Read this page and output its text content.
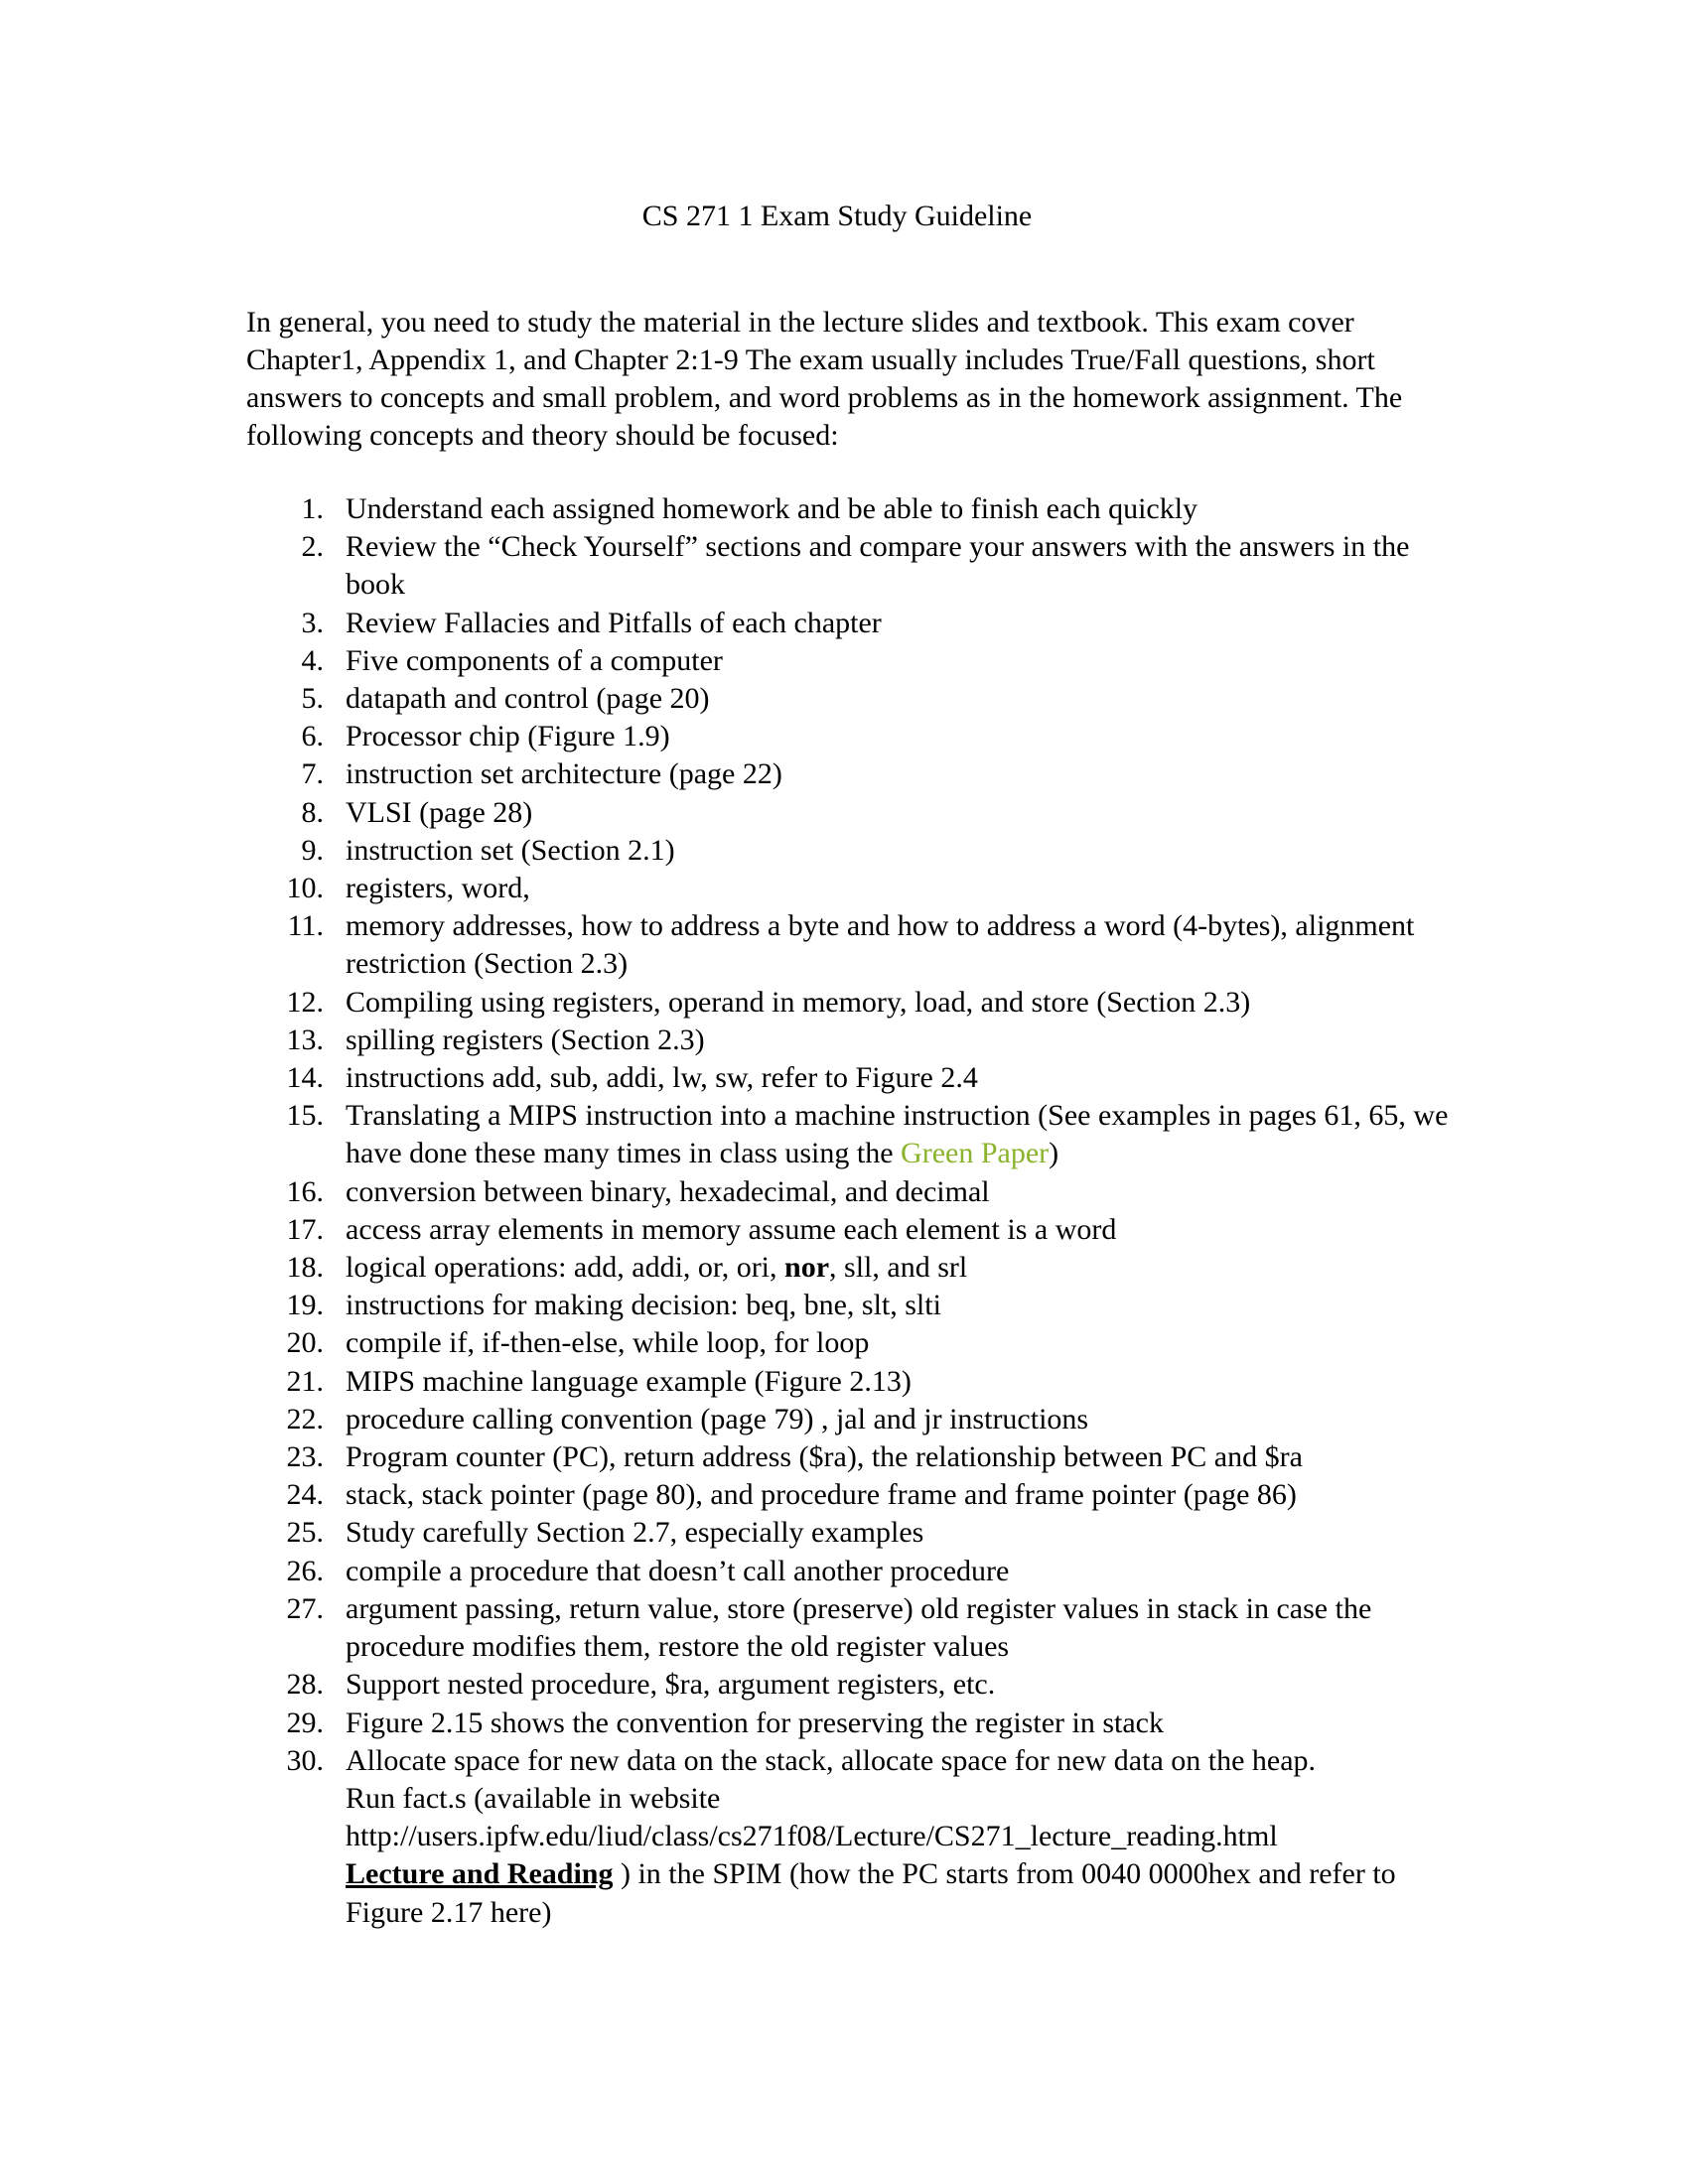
CS 271 1 Exam Study Guideline
In general, you need to study the material in the lecture slides and textbook. This exam cover Chapter1, Appendix 1, and Chapter 2:1-9 The exam usually includes True/Fall questions, short answers to concepts and small problem, and word problems as in the homework assignment. The following concepts and theory should be focused:
1. Understand each assigned homework and be able to finish each quickly
2. Review the “Check Yourself” sections and compare your answers with the answers in the book
3. Review Fallacies and Pitfalls of each chapter
4. Five components of a computer
5. datapath and control (page 20)
6. Processor chip (Figure 1.9)
7. instruction set architecture (page 22)
8. VLSI (page 28)
9. instruction set (Section 2.1)
10. registers, word,
11. memory addresses, how to address a byte and how to address a word (4-bytes), alignment restriction (Section 2.3)
12. Compiling using registers, operand in memory, load, and store (Section 2.3)
13. spilling registers (Section 2.3)
14. instructions add, sub, addi, lw, sw, refer to Figure 2.4
15. Translating a MIPS instruction into a machine instruction (See examples in pages 61, 65, we have done these many times in class using the Green Paper)
16. conversion between binary, hexadecimal, and decimal
17. access array elements in memory assume each element is a word
18. logical operations: add, addi, or, ori, nor, sll, and srl
19. instructions for making decision: beq, bne, slt, slti
20. compile if, if-then-else, while loop, for loop
21. MIPS machine language example (Figure 2.13)
22. procedure calling convention (page 79) , jal and jr instructions
23. Program counter (PC), return address ($ra), the relationship between PC and $ra
24. stack, stack pointer (page 80), and procedure frame and frame pointer (page 86)
25. Study carefully Section 2.7, especially examples
26. compile a procedure that doesn’t call another procedure
27. argument passing, return value, store (preserve) old register values in stack in case the procedure modifies them, restore the old register values
28. Support nested procedure, $ra, argument registers, etc.
29. Figure 2.15 shows the convention for preserving the register in stack
30. Allocate space for new data on the stack, allocate space for new data on the heap.
Run fact.s (available in website
http://users.ipfw.edu/liud/class/cs271f08/Lecture/CS271_lecture_reading.html
Lecture and Reading ) in the SPIM (how the PC starts from 0040 0000hex and refer to Figure 2.17 here)
